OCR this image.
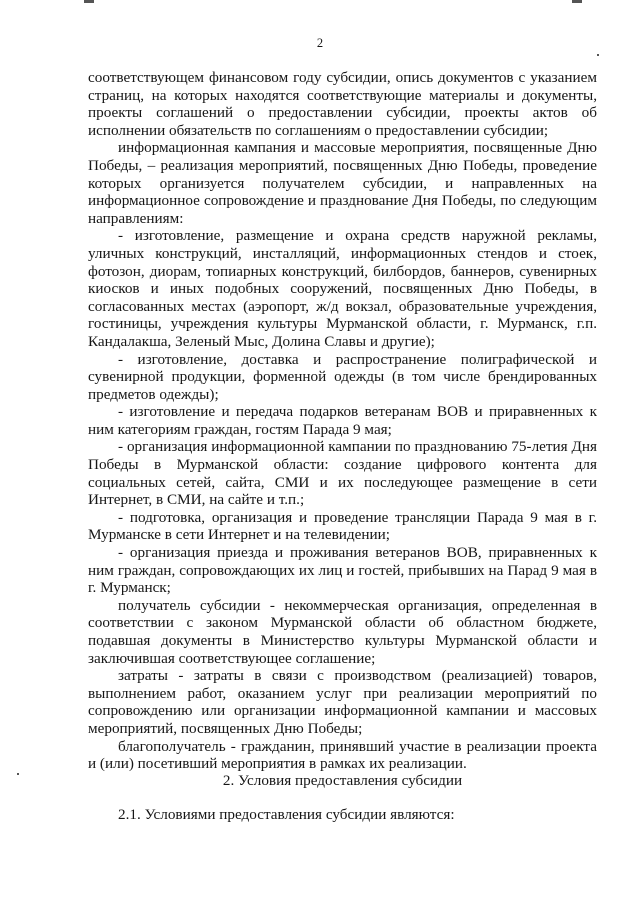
2

соответствующем финансовом году субсидии, опись документов с указанием страниц, на которых находятся соответствующие материалы и документы, проекты соглашений о предоставлении субсидии, проекты актов об исполнении обязательств по соглашениям о предоставлении субсидии;

информационная кампания и массовые мероприятия, посвященные Дню Победы, – реализация мероприятий, посвященных Дню Победы, проведение которых организуется получателем субсидии, и направленных на информационное сопровождение и празднование Дня Победы, по следующим направлениям:

- изготовление, размещение и охрана средств наружной рекламы, уличных конструкций, инсталляций, информационных стендов и стоек, фотозон, диорам, топиарных конструкций, билбордов, баннеров, сувенирных киосков и иных подобных сооружений, посвященных Дню Победы, в согласованных местах (аэропорт, ж/д вокзал, образовательные учреждения, гостиницы, учреждения культуры Мурманской области, г. Мурманск, г.п. Кандалакша, Зеленый Мыс, Долина Славы и другие);

- изготовление, доставка и распространение полиграфической и сувенирной продукции, форменной одежды (в том числе брендированных предметов одежды);

- изготовление и передача подарков ветеранам ВОВ и приравненных к ним категориям граждан, гостям Парада 9 мая;

- организация информационной кампании по празднованию 75-летия Дня Победы в Мурманской области: создание цифрового контента для социальных сетей, сайта, СМИ и их последующее размещение в сети Интернет, в СМИ, на сайте и т.п.;

- подготовка, организация и проведение трансляции Парада 9 мая в г. Мурманске в сети Интернет и на телевидении;

- организация приезда и проживания ветеранов ВОВ, приравненных к ним граждан, сопровождающих их лиц и гостей, прибывших на Парад 9 мая в г. Мурманск;

получатель субсидии - некоммерческая организация, определенная в соответствии с законом Мурманской области об областном бюджете, подавшая документы в Министерство культуры Мурманской области и заключившая соответствующее соглашение;

затраты - затраты в связи с производством (реализацией) товаров, выполнением работ, оказанием услуг при реализации мероприятий по сопровождению или организации информационной кампании и массовых мероприятий, посвященных Дню Победы;

благополучатель - гражданин, принявший участие в реализации проекта и (или) посетивший мероприятия в рамках их реализации.

2. Условия предоставления субсидии
2.1. Условиями предоставления субсидии являются:
